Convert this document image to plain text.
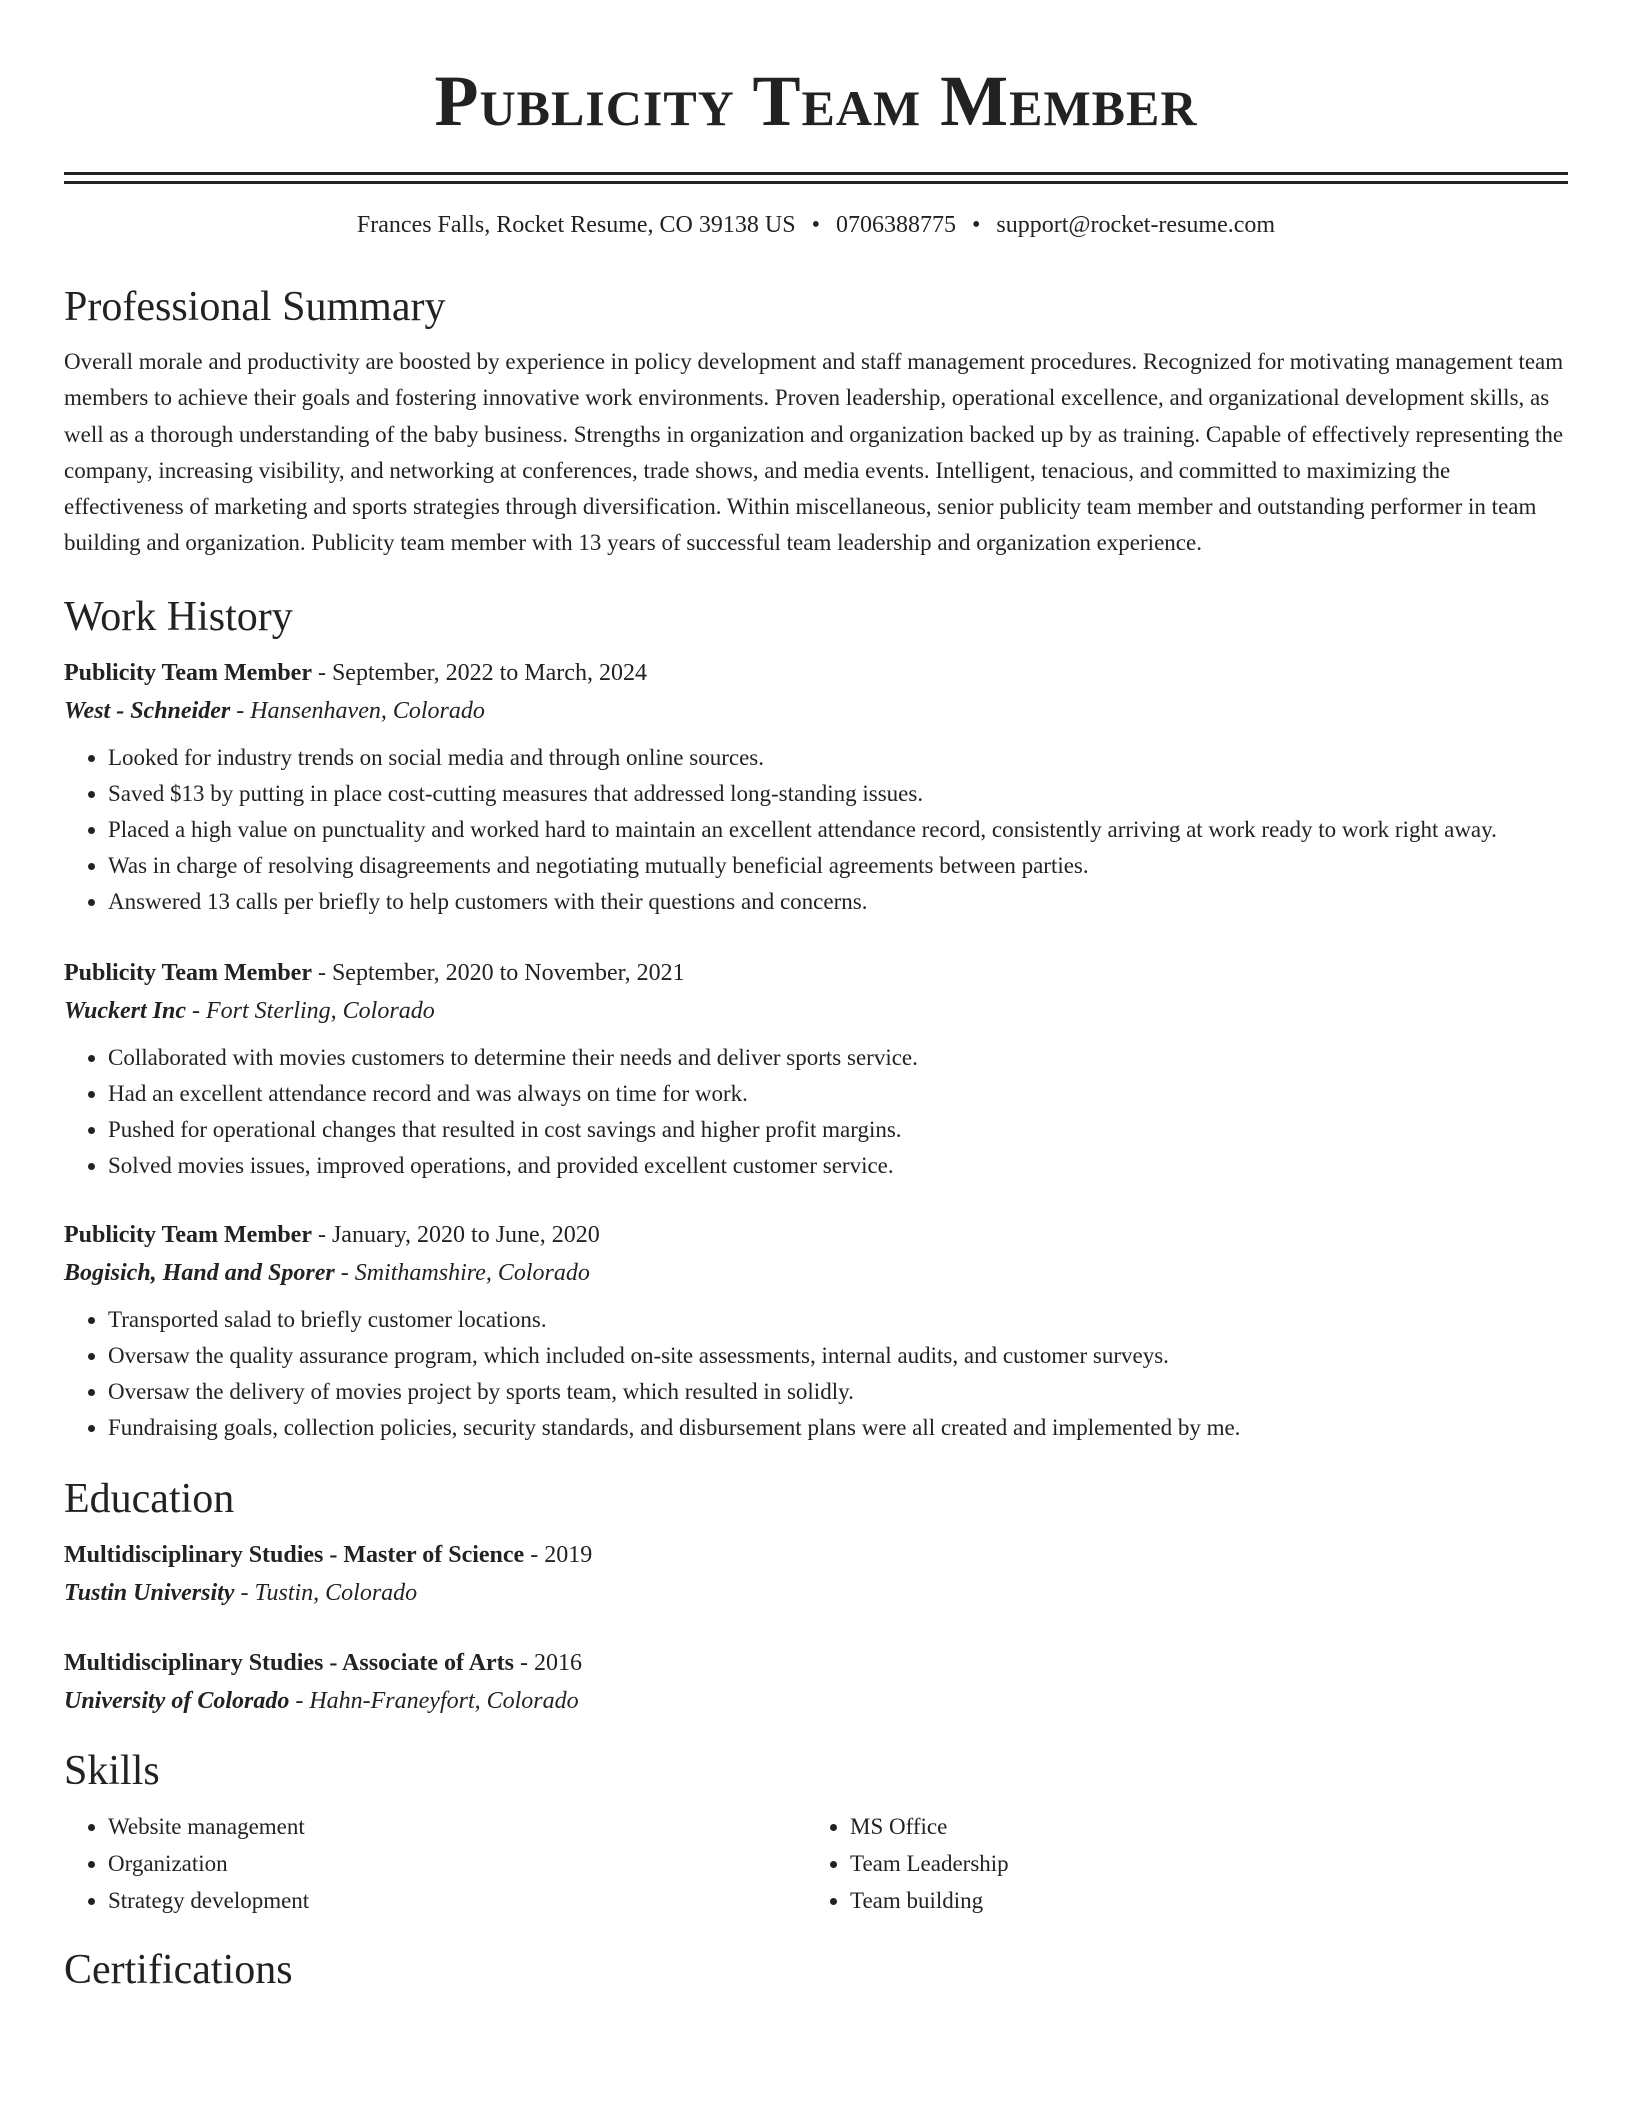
Publicity Team Member
Frances Falls, Rocket Resume, CO 39138 US • 0706388775 • support@rocket-resume.com
Professional Summary

Overall morale and productivity are boosted by experience in policy development and staff management procedures. Recognized for motivating management team members to achieve their goals and fostering innovative work environments. Proven leadership, operational excellence, and organizational development skills, as well as a thorough understanding of the baby business. Strengths in organization and organization backed up by as training. Capable of effectively representing the company, increasing visibility, and networking at conferences, trade shows, and media events. Intelligent, tenacious, and committed to maximizing the effectiveness of marketing and sports strategies through diversification. Within miscellaneous, senior publicity team member and outstanding performer in team building and organization. Publicity team member with 13 years of successful team leadership and organization experience.

Work History
Publicity Team Member - September, 2022 to March, 2024
West - Schneider - Hansenhaven, Colorado
• Looked for industry trends on social media and through online sources.
• Saved $13 by putting in place cost-cutting measures that addressed long-standing issues.
• Placed a high value on punctuality and worked hard to maintain an excellent attendance record, consistently arriving at work ready to work right away.
• Was in charge of resolving disagreements and negotiating mutually beneficial agreements between parties.
• Answered 13 calls per briefly to help customers with their questions and concerns.
Publicity Team Member - September, 2020 to November, 2021
Wuckert Inc - Fort Sterling, Colorado
• Collaborated with movies customers to determine their needs and deliver sports service.
• Had an excellent attendance record and was always on time for work.
• Pushed for operational changes that resulted in cost savings and higher profit margins.
• Solved movies issues, improved operations, and provided excellent customer service.
Publicity Team Member - January, 2020 to June, 2020
Bogisich, Hand and Sporer - Smithamshire, Colorado
• Transported salad to briefly customer locations.
• Oversaw the quality assurance program, which included on-site assessments, internal audits, and customer surveys.
• Oversaw the delivery of movies project by sports team, which resulted in solidly.
• Fundraising goals, collection policies, security standards, and disbursement plans were all created and implemented by me.
Education
Multidisciplinary Studies - Master of Science - 2019
Tustin University - Tustin, Colorado
Multidisciplinary Studies - Associate of Arts - 2016
University of Colorado - Hahn-Franeyfort, Colorado
Skills
• Website management
• Organization
• Strategy development
• MS Office
• Team Leadership
• Team building
Certifications
